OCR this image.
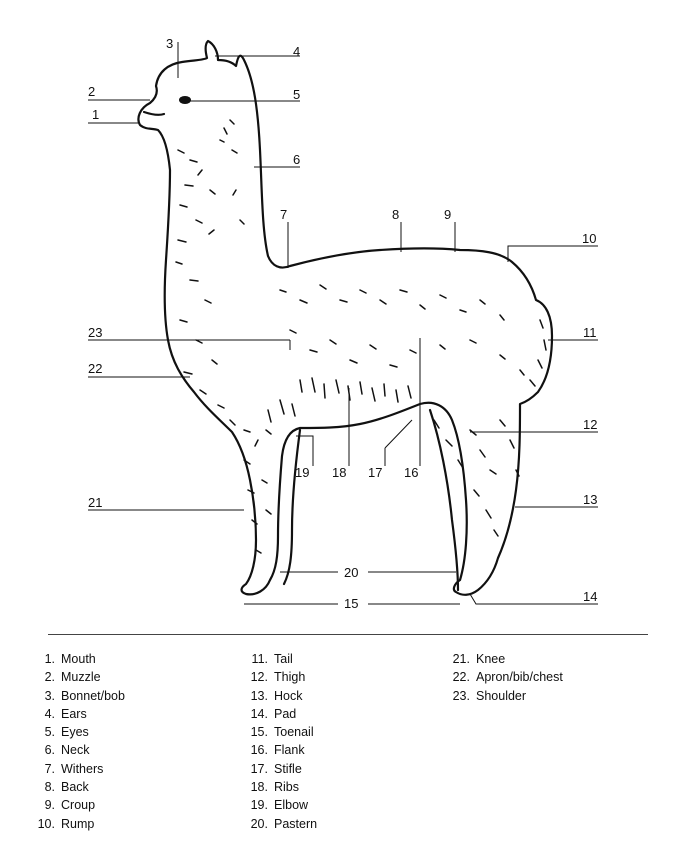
1
2
3
4
5
6
7	8	9
10
11
12
13
14
15
16
17
18
19
20
21
22
23
1. Mouth
2. Muzzle
3. Bonnet/bob
4. Ears
5. Eyes
6. Neck
7. Withers
8. Back
9. Croup
10. Rump
11. Tail
12. Thigh
13. Hock
14. Pad
15. Toenail
16. Flank
17. Stifle
18. Ribs
19. Elbow
20. Pastern
21. Knee
22. Apron/bib/chest
23. Shoulder
